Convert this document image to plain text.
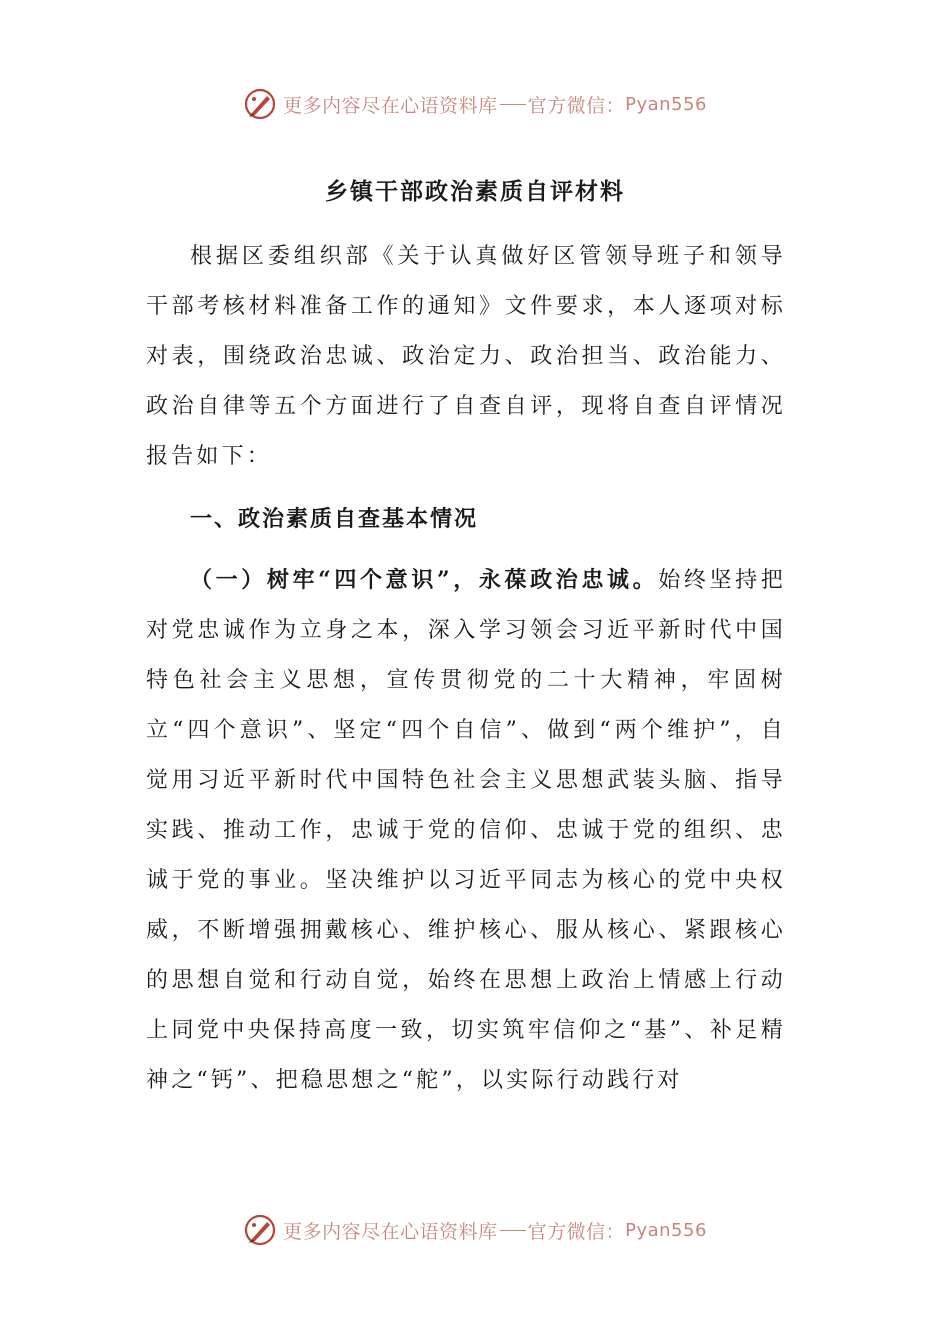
更多内容尽在心语资料库 官方微信： Pyan556
乡镇干部政治素质自评材料

根据区委组织部《关于认真做好区管领导班子和领导干部考核材料准备工作的通知》文件要求，本人逐项对标对表，围绕政治忠诚、政治定力、政治担当、政治能力、政治自律等五个方面进行了自查自评，现将自查自评情况报告如下：

一、政治素质自查基本情况

（一）树牢“四个意识”，永葆政治忠诚。始终坚持把对党忠诚作为立身之本，深入学习领会习近平新时代中国特色社会主义思想，宣传贯彻党的二十大精神，牢固树立“四个意识”、坚定“四个自信”、做到“两个维护”，自觉用习近平新时代中国特色社会主义思想武装头脑、指导实践、推动工作，忠诚于党的信仰、忠诚于党的组织、忠诚于党的事业。坚决维护以习近平同志为核心的党中央权威，不断增强拥戴核心、维护核心、服从核心、紧跟核心的思想自觉和行动自觉，始终在思想上政治上情感上行动上同党中央保持高度一致，切实筑牢信仰之“基”、补足精神之“钙”、把稳思想之“舵”，以实际行动践行对

更多内容尽在心语资料库 官方微信： Pyan556
